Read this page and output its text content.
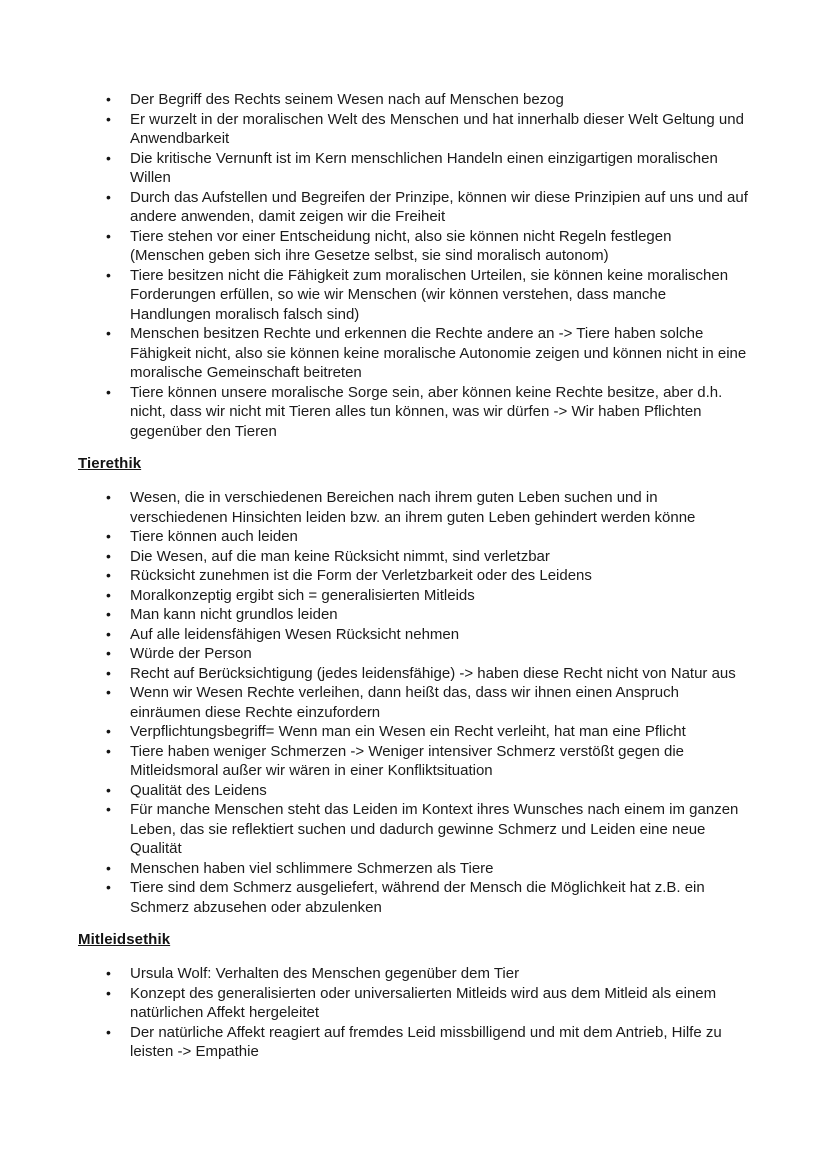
• Der Begriff des Rechts seinem Wesen nach auf Menschen bezog
• Er wurzelt in der moralischen Welt des Menschen und hat innerhalb dieser Welt Geltung und Anwendbarkeit
• Die kritische Vernunft ist im Kern menschlichen Handeln einen einzigartigen moralischen Willen
• Durch das Aufstellen und Begreifen der Prinzipe, können wir diese Prinzipien auf uns und auf andere anwenden, damit zeigen wir die Freiheit
• Tiere stehen vor einer Entscheidung nicht, also sie können nicht Regeln festlegen (Menschen geben sich ihre Gesetze selbst, sie sind moralisch autonom)
• Tiere besitzen nicht die Fähigkeit zum moralischen Urteilen, sie können keine moralischen Forderungen erfüllen, so wie wir Menschen (wir können verstehen, dass manche Handlungen moralisch falsch sind)
• Menschen besitzen Rechte und erkennen die Rechte andere an -> Tiere haben solche Fähigkeit nicht, also sie können keine moralische Autonomie zeigen und können nicht in eine moralische Gemeinschaft beitreten
• Tiere können unsere moralische Sorge sein, aber können keine Rechte besitze, aber d.h. nicht, dass wir nicht mit Tieren alles tun können, was wir dürfen -> Wir haben Pflichten gegenüber den Tieren
Tierethik
• Wesen, die in verschiedenen Bereichen nach ihrem guten Leben suchen und in verschiedenen Hinsichten leiden bzw. an ihrem guten Leben gehindert werden könne
• Tiere können auch leiden
• Die Wesen, auf die man keine Rücksicht nimmt, sind verletzbar
• Rücksicht zunehmen ist die Form der Verletzbarkeit oder des Leidens
• Moralkonzeptig ergibt sich = generalisierten Mitleids
• Man kann nicht grundlos leiden
• Auf alle leidensfähigen Wesen Rücksicht nehmen
• Würde der Person
• Recht auf Berücksichtigung (jedes leidensfähige) -> haben diese Recht nicht von Natur aus
• Wenn wir Wesen Rechte verleihen, dann heißt das, dass wir ihnen einen Anspruch einräumen diese Rechte einzufordern
• Verpflichtungsbegriff= Wenn man ein Wesen ein Recht verleiht, hat man eine Pflicht
• Tiere haben weniger Schmerzen -> Weniger intensiver Schmerz verstößt gegen die Mitleidsmoral außer wir wären in einer Konfliktsituation
• Qualität des Leidens
• Für manche Menschen steht das Leiden im Kontext ihres Wunsches nach einem im ganzen Leben, das sie reflektiert suchen und dadurch gewinne Schmerz und Leiden eine neue Qualität
• Menschen haben viel schlimmere Schmerzen als Tiere
• Tiere sind dem Schmerz ausgeliefert, während der Mensch die Möglichkeit hat z.B. ein Schmerz abzusehen oder abzulenken
Mitleidsethik
• Ursula Wolf: Verhalten des Menschen gegenüber dem Tier
• Konzept des generalisierten oder universalierten Mitleids wird aus dem Mitleid als einem natürlichen Affekt hergeleitet
• Der natürliche Affekt reagiert auf fremdes Leid missbilligend und mit dem Antrieb, Hilfe zu leisten -> Empathie
